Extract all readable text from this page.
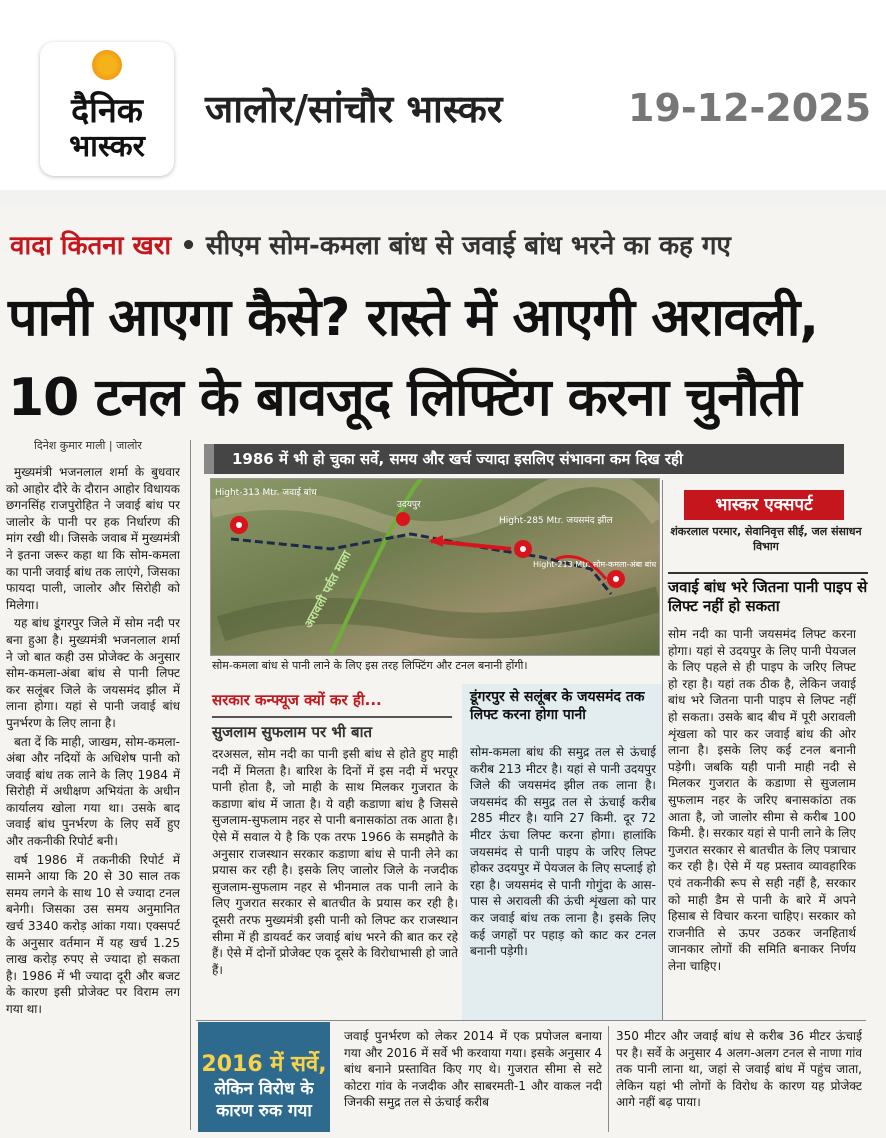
दैनिक
भास्कर
जालोर/सांचौर भास्कर	19-12-2025
वादा कितना खरा • सीएम सोम-कमला बांध से जवाई बांध भरने का कह गए
पानी आएगा कैसे? रास्ते में आएगी अरावली,
10 टनल के बावजूद लिफ्टिंग करना चुनौती
दिनेश कुमार माली | जालोर

मुख्यमंत्री भजनलाल शर्मा के बुधवार को आहोर दौरे के दौरान आहोर विधायक छगनसिंह राजपुरोहित ने जवाई बांध पर जालोर के पानी पर हक निर्धारण की मांग रखी थी। जिसके जवाब में मुख्यमंत्री ने इतना जरूर कहा था कि सोम-कमला का पानी जवाई बांध तक लाएंगे, जिसका फायदा पाली, जालोर और सिरोही को मिलेगा।

यह बांध डूंगरपुर जिले में सोम नदी पर बना हुआ है। मुख्यमंत्री भजनलाल शर्मा ने जो बात कही उस प्रोजेक्ट के अनुसार सोम-कमला-अंबा बांध से पानी लिफ्ट कर सलूंबर जिले के जयसमंद झील में लाना होगा। यहां से पानी जवाई बांध पुनर्भरण के लिए लाना है।

बता दें कि माही, जाखम, सोम-कमला-अंबा और नदियों के अधिशेष पानी को जवाई बांध तक लाने के लिए 1984 में सिरोही में अधीक्षण अभियंता के अधीन कार्यालय खोला गया था। उसके बाद जवाई बांध पुनर्भरण के लिए सर्वे हुए और तकनीकी रिपोर्ट बनी।

वर्ष 1986 में तकनीकी रिपोर्ट में सामने आया कि 20 से 30 साल तक समय लगने के साथ 10 से ज्यादा टनल बनेगी। जिसका उस समय अनुमानित खर्च 3340 करोड़ आंका गया। एक्सपर्ट के अनुसार वर्तमान में यह खर्च 1.25 लाख करोड़ रुपए से ज्यादा हो सकता है। 1986 में भी ज्यादा दूरी और बजट के कारण इसी प्रोजेक्ट पर विराम लग गया था।

1986 में भी हो चुका सर्वे, समय और खर्च ज्यादा इसलिए संभावना कम दिख रही
Hight-313 Mtr. जवाई बांध
उदयपुर
Hight-285 Mtr. जयसमंद झील
Hight-213 Mtr. सोम-कमला-अंबा बांध
अरावली पर्वत माला
सोम-कमला बांध से पानी लाने के लिए इस तरह लिफ्टिंग और टनल बनानी होंगी।
भास्कर एक्सपर्ट
शंकरलाल परमार, सेवानिवृत्त सीई, जल संसाधन विभाग
जवाई बांध भरे जितना पानी पाइप से लिफ्ट नहीं हो सकता
सोम नदी का पानी जयसमंद लिफ्ट करना होगा। यहां से उदयपुर के लिए पानी पेयजल के लिए पहले से ही पाइप के जरिए लिफ्ट हो रहा है। यहां तक ठीक है, लेकिन जवाई बांध भरे जितना पानी पाइप से लिफ्ट नहीं हो सकता। उसके बाद बीच में पूरी अरावली शृंखला को पार कर जवाई बांध की ओर लाना है। इसके लिए कई टनल बनानी पड़ेगी। जबकि यही पानी माही नदी से मिलकर गुजरात के कडाणा से सुजलाम सुफलाम नहर के जरिए बनासकांठा तक आता है, जो जालोर सीमा से करीब 100 किमी. है। सरकार यहां से पानी लाने के लिए गुजरात सरकार से बातचीत के लिए पत्राचार कर रही है। ऐसे में यह प्रस्ताव व्यावहारिक एवं तकनीकी रूप से सही नहीं है, सरकार को माही डैम से पानी के बारे में अपने हिसाब से विचार करना चाहिए। सरकार को राजनीति से ऊपर उठकर जनहितार्थ जानकार लोगों की समिति बनाकर निर्णय लेना चाहिए।
सरकार कन्फ्यूज क्यों कर ही...
सुजलाम सुफलाम पर भी बात
दरअसल, सोम नदी का पानी इसी बांध से होते हुए माही नदी में मिलता है। बारिश के दिनों में इस नदी में भरपूर पानी होता है, जो माही के साथ मिलकर गुजरात के कडाणा बांध में जाता है। ये वही कडाणा बांध है जिससे सुजलाम-सुफलाम नहर से पानी बनासकांठा तक आता है। ऐसे में सवाल ये है कि एक तरफ 1966 के समझौते के अनुसार राजस्थान सरकार कडाणा बांध से पानी लेने का प्रयास कर रही है। इसके लिए जालोर जिले के नजदीक सुजलाम-सुफलाम नहर से भीनमाल तक पानी लाने के लिए गुजरात सरकार से बातचीत के प्रयास कर रही है। दूसरी तरफ मुख्यमंत्री इसी पानी को लिफ्ट कर राजस्थान सीमा में ही डायवर्ट कर जवाई बांध भरने की बात कर रहे हैं। ऐसे में दोनों प्रोजेक्ट एक दूसरे के विरोधाभासी हो जाते हैं।
डूंगरपुर से सलूंबर के जयसमंद तक लिफ्ट करना होगा पानी
सोम-कमला बांध की समुद्र तल से ऊंचाई करीब 213 मीटर है। यहां से पानी उदयपुर जिले की जयसमंद झील तक लाना है। जयसमंद की समुद्र तल से ऊंचाई करीब 285 मीटर है। यानि 27 किमी. दूर 72 मीटर ऊंचा लिफ्ट करना होगा। हालांकि जयसमंद से पानी पाइप के जरिए लिफ्ट होकर उदयपुर में पेयजल के लिए सप्लाई हो रहा है। जयसमंद से पानी गोगुंदा के आस-पास से अरावली की ऊंची शृंखला को पार कर जवाई बांध तक लाना है। इसके लिए कई जगहों पर पहाड़ को काट कर टनल बनानी पड़ेगी।
2016 में सर्वे,
लेकिन विरोध के कारण रुक गया
जवाई पुनर्भरण को लेकर 2014 में एक प्रपोजल बनाया गया और 2016 में सर्वे भी करवाया गया। इसके अनुसार 4 बांध बनाने प्रस्तावित किए गए थे। गुजरात सीमा से सटे कोटरा गांव के नजदीक और साबरमती-1 और वाकल नदी जिनकी समुद्र तल से ऊंचाई करीब
350 मीटर और जवाई बांध से करीब 36 मीटर ऊंचाई पर है। सर्वे के अनुसार 4 अलग-अलग टनल से नाणा गांव तक पानी लाना था, जहां से जवाई बांध में पहुंच जाता, लेकिन यहां भी लोगों के विरोध के कारण यह प्रोजेक्ट आगे नहीं बढ़ पाया।
